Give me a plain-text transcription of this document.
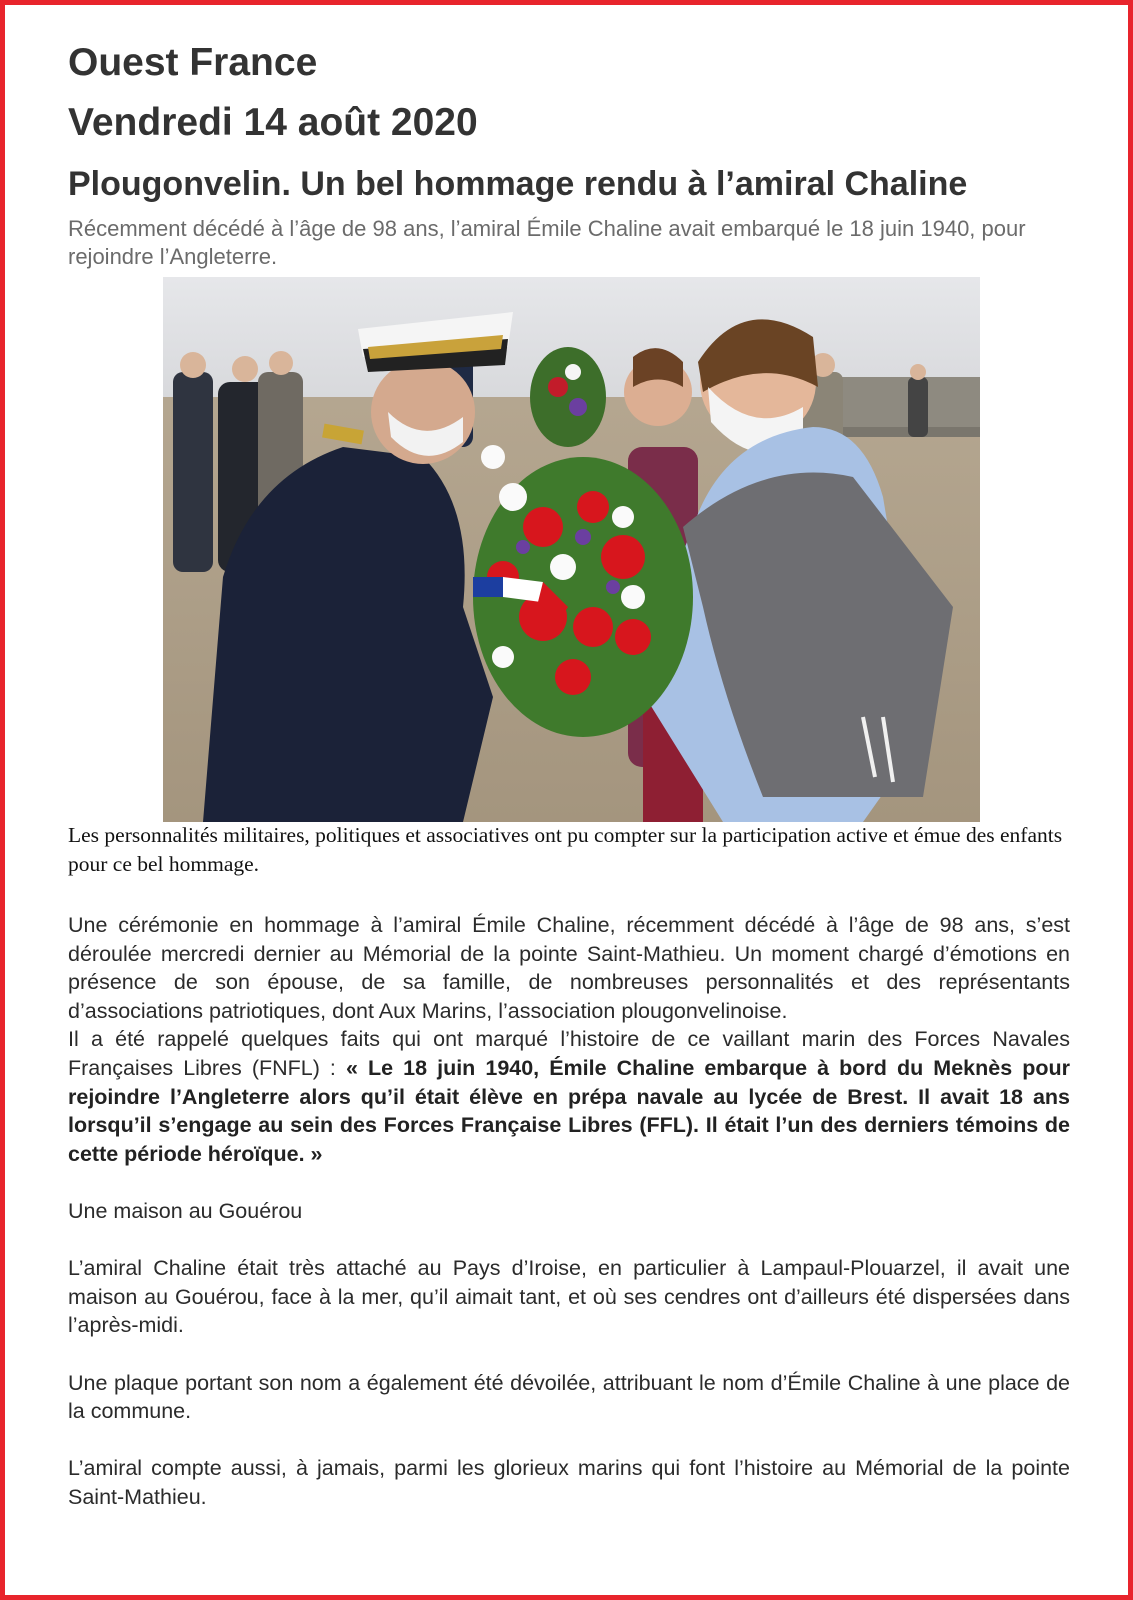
Ouest France
Vendredi 14 août 2020
Plougonvelin. Un bel hommage rendu à l’amiral Chaline

Récemment décédé à l’âge de 98 ans, l’amiral Émile Chaline avait embarqué le 18 juin 1940, pour rejoindre l’Angleterre.

Les personnalités militaires, politiques et associatives ont pu compter sur la participation active et émue des enfants pour ce bel hommage.

Une cérémonie en hommage à l’amiral Émile Chaline, récemment décédé à l’âge de 98 ans, s’est déroulée mercredi dernier au Mémorial de la pointe Saint-Mathieu. Un moment chargé d’émotions en présence de son épouse, de sa famille, de nombreuses personnalités et des représentants d’associations patriotiques, dont Aux Marins, l’association plougonvelinoise.

Il a été rappelé quelques faits qui ont marqué l’histoire de ce vaillant marin des Forces Navales Françaises Libres (FNFL) : « Le 18 juin 1940, Émile Chaline embarque à bord du Meknès pour rejoindre l’Angleterre alors qu’il était élève en prépa navale au lycée de Brest. Il avait 18 ans lorsqu’il s’engage au sein des Forces Française Libres (FFL). Il était l’un des derniers témoins de cette période héroïque. »

Une maison au Gouérou

L’amiral Chaline était très attaché au Pays d’Iroise, en particulier à Lampaul-Plouarzel, il avait une maison au Gouérou, face à la mer, qu’il aimait tant, et où ses cendres ont d’ailleurs été dispersées dans l’après-midi.

Une plaque portant son nom a également été dévoilée, attribuant le nom d’Émile Chaline à une place de la commune.

L’amiral compte aussi, à jamais, parmi les glorieux marins qui font l’histoire au Mémorial de la pointe Saint-Mathieu.
